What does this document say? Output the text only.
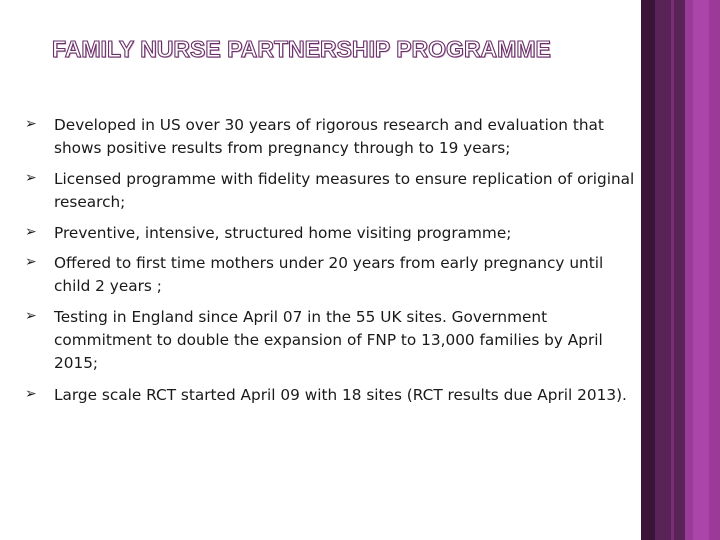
FAMILY NURSE PARTNERSHIP PROGRAMME
➢ Developed in US over 30 years of rigorous research and evaluation that shows positive results from pregnancy through to 19 years;
➢ Licensed programme with fidelity measures to ensure replication of original research;
➢ Preventive, intensive, structured home visiting programme;
➢ Offered to first time mothers under 20 years from early pregnancy until child 2 years ;
➢ Testing in England since April 07 in the 55 UK sites. Government commitment to double the expansion of FNP to 13,000 families by April 2015;
➢ Large scale RCT started April 09 with 18 sites (RCT results due April 2013).
